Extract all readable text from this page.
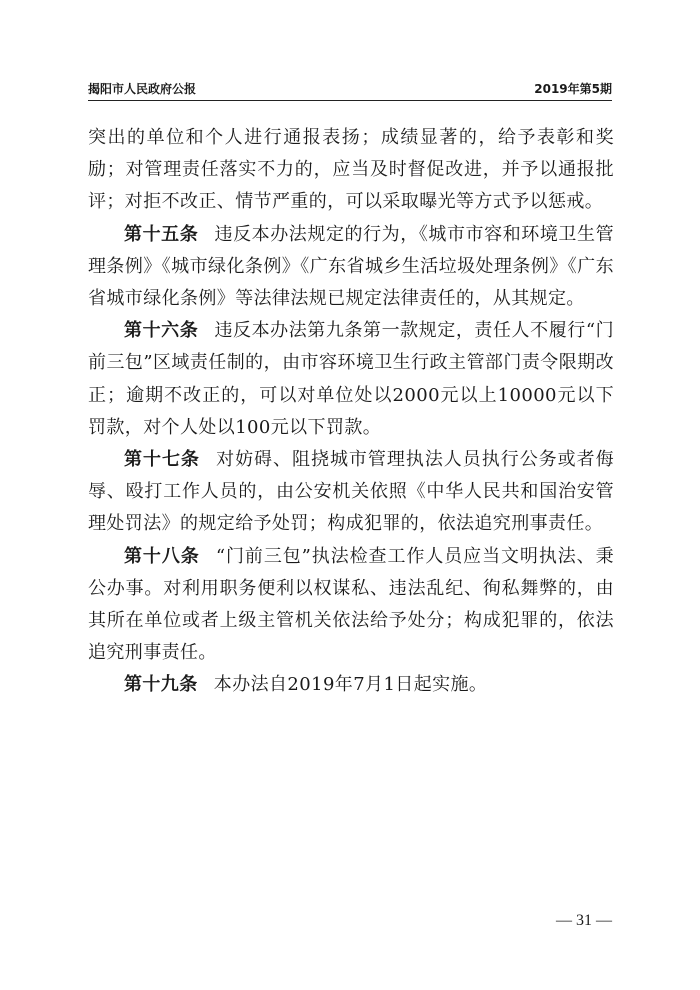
揭阳市人民政府公报	2019年第5期

突出的单位和个人进行通报表扬；成绩显著的，给予表彰和奖励；对管理责任落实不力的，应当及时督促改进，并予以通报批评；对拒不改正、情节严重的，可以采取曝光等方式予以惩戒。

第十五条 违反本办法规定的行为，《城市市容和环境卫生管理条例》《城市绿化条例》《广东省城乡生活垃圾处理条例》《广东省城市绿化条例》等法律法规已规定法律责任的，从其规定。

第十六条 违反本办法第九条第一款规定，责任人不履行“门前三包”区域责任制的，由市容环境卫生行政主管部门责令限期改正；逾期不改正的，可以对单位处以2000元以上10000元以下罚款，对个人处以100元以下罚款。

第十七条 对妨碍、阻挠城市管理执法人员执行公务或者侮辱、殴打工作人员的，由公安机关依照《中华人民共和国治安管理处罚法》的规定给予处罚；构成犯罪的，依法追究刑事责任。

第十八条 “门前三包”执法检查工作人员应当文明执法、秉公办事。对利用职务便利以权谋私、违法乱纪、徇私舞弊的，由其所在单位或者上级主管机关依法给予处分；构成犯罪的，依法追究刑事责任。

第十九条 本办法自2019年7月1日起实施。

— 31 —
